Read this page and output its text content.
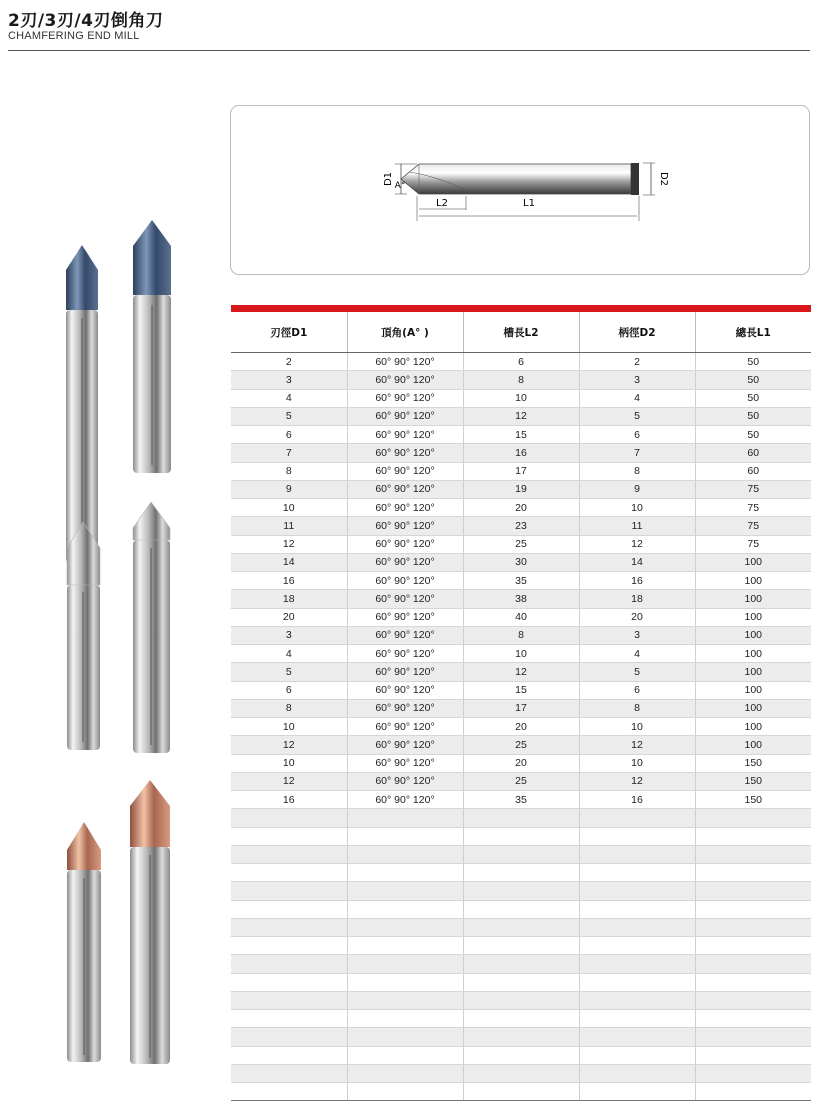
2刃/3刃/4刃倒角刀
CHAMFERING END MILL
D1 A°	D2
L2	L1

刃徑D1	頂角(A° )	槽長L2	柄徑D2	總長L1
2	60° 90° 120°	6	2	50
3	60° 90° 120°	8	3	50
4	60° 90° 120°	10	4	50
5	60° 90° 120°	12	5	50
6	60° 90° 120°	15	6	50
7	60° 90° 120°	16	7	60
8	60° 90° 120°	17	8	60
9	60° 90° 120°	19	9	75
10	60° 90° 120°	20	10	75
11	60° 90° 120°	23	11	75
12	60° 90° 120°	25	12	75
14	60° 90° 120°	30	14	100
16	60° 90° 120°	35	16	100
18	60° 90° 120°	38	18	100
20	60° 90° 120°	40	20	100
3	60° 90° 120°	8	3	100
4	60° 90° 120°	10	4	100
5	60° 90° 120°	12	5	100
6	60° 90° 120°	15	6	100
8	60° 90° 120°	17	8	100
10	60° 90° 120°	20	10	100
12	60° 90° 120°	25	12	100
10	60° 90° 120°	20	10	150
12	60° 90° 120°	25	12	150
16	60° 90° 120°	35	16	150
